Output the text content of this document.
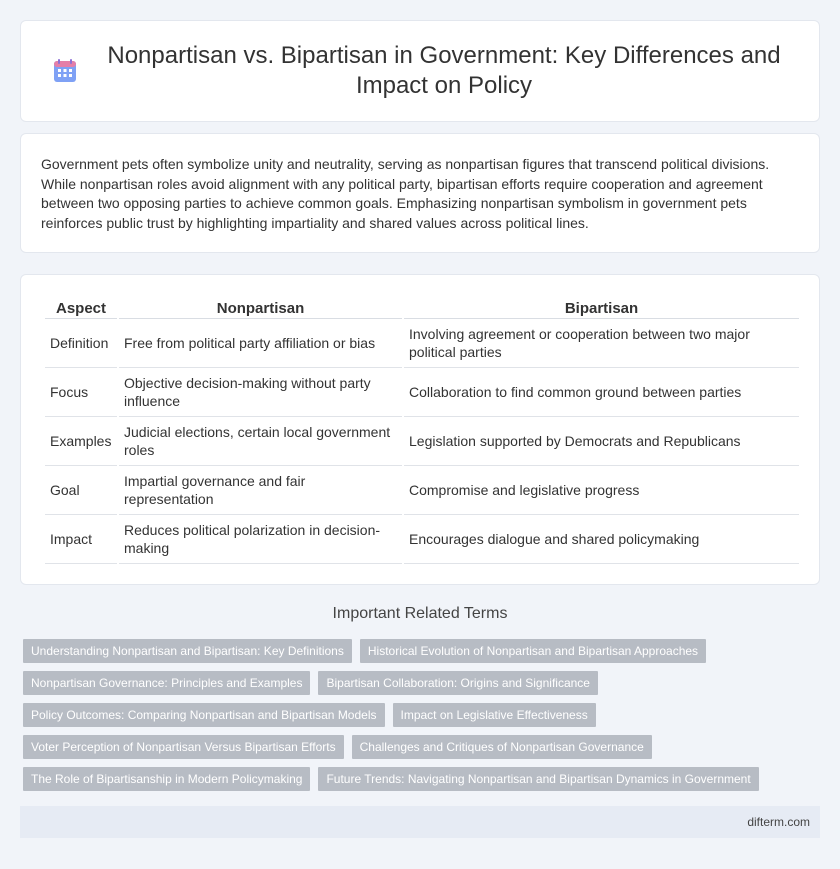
Nonpartisan vs. Bipartisan in Government: Key Differences and Impact on Policy

Government pets often symbolize unity and neutrality, serving as nonpartisan figures that transcend political divisions. While nonpartisan roles avoid alignment with any political party, bipartisan efforts require cooperation and agreement between two opposing parties to achieve common goals. Emphasizing nonpartisan symbolism in government pets reinforces public trust by highlighting impartiality and shared values across political lines.

Aspect	Nonpartisan	Bipartisan
Definition	Free from political party affiliation or bias	Involving agreement or cooperation between two major political parties
Focus	Objective decision-making without party influence	Collaboration to find common ground between parties
Examples	Judicial elections, certain local government roles	Legislation supported by Democrats and Republicans
Goal	Impartial governance and fair representation	Compromise and legislative progress
Impact	Reduces political polarization in decision-making	Encourages dialogue and shared policymaking
Important Related Terms
Understanding Nonpartisan and Bipartisan: Key Definitions	Historical Evolution of Nonpartisan and Bipartisan Approaches
Nonpartisan Governance: Principles and Examples	Bipartisan Collaboration: Origins and Significance
Policy Outcomes: Comparing Nonpartisan and Bipartisan Models	Impact on Legislative Effectiveness
Voter Perception of Nonpartisan Versus Bipartisan Efforts	Challenges and Critiques of Nonpartisan Governance
The Role of Bipartisanship in Modern Policymaking	Future Trends: Navigating Nonpartisan and Bipartisan Dynamics in Government
difterm.com
